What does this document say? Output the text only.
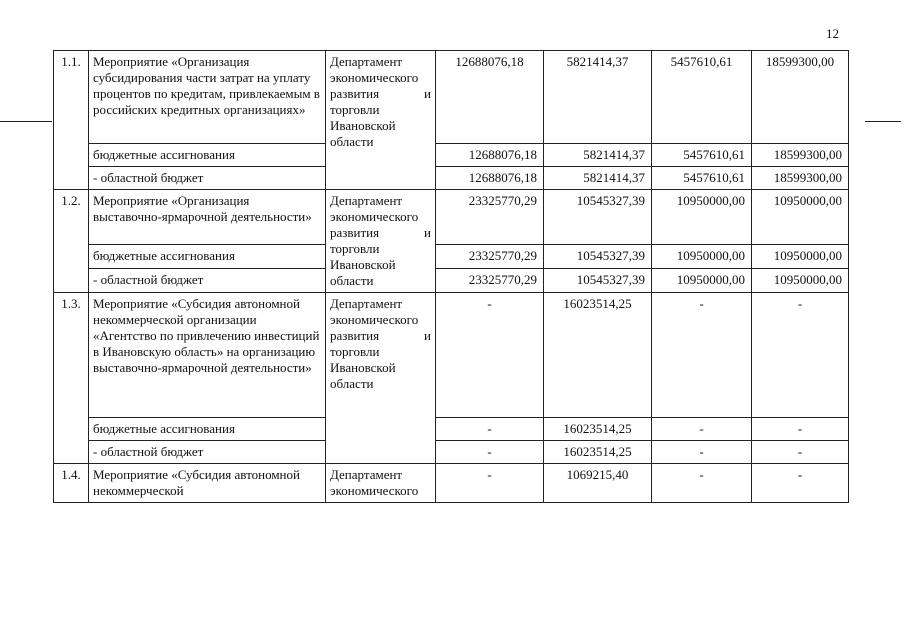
12
1.1.	Мероприятие «Организация субсидирования части затрат на уплату процентов по кредитам, привлекаемым в российских кредитных организациях»	Департамент экономического развития и торговли Ивановской области	12688076,18	5821414,37	5457610,61	18599300,00
	бюджетные ассигнования		12688076,18	5821414,37	5457610,61	18599300,00
	- областной бюджет		12688076,18	5821414,37	5457610,61	18599300,00
1.2.	Мероприятие «Организация выставочно-ярмарочной деятельности»	Департамент экономического развития и торговли Ивановской области	23325770,29	10545327,39	10950000,00	10950000,00
	бюджетные ассигнования		23325770,29	10545327,39	10950000,00	10950000,00
	- областной бюджет		23325770,29	10545327,39	10950000,00	10950000,00
1.3.	Мероприятие «Субсидия автономной некоммерческой организации «Агентство по привлечению инвестиций в Ивановскую область» на организацию выставочно-ярмарочной деятельности»	Департамент экономического развития и торговли Ивановской области	-	16023514,25	-	-
	бюджетные ассигнования		-	16023514,25	-	-
	- областной бюджет		-	16023514,25	-	-
1.4.	Мероприятие «Субсидия автономной некоммерческой	Департамент экономического	-	1069215,40	-	-
